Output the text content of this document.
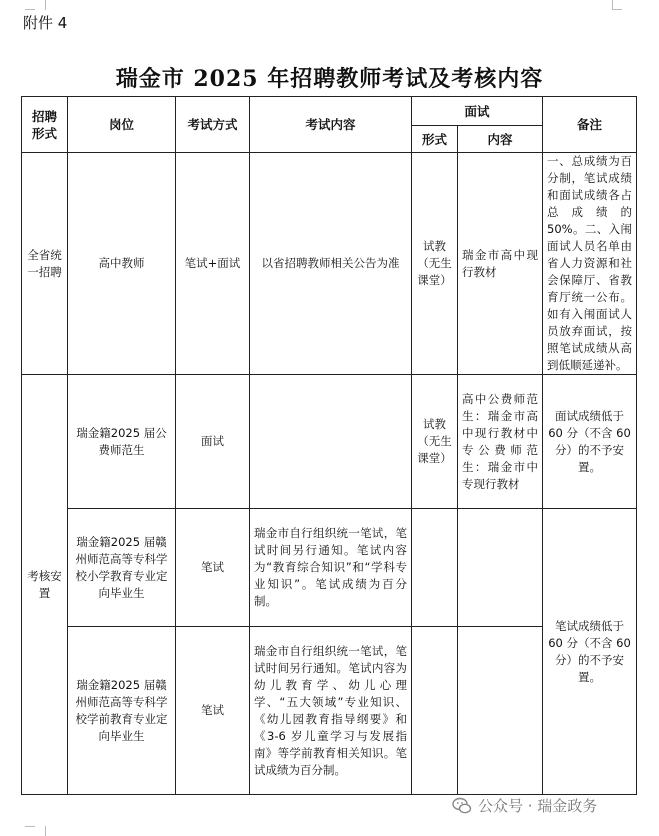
附件 4
瑞金市 2025 年招聘教师考试及考核内容
招聘形式	岗位	考试方式	考试内容	面试		备注
				形式	内容	
全省统一招聘	高中教师	笔试+面试	以省招聘教师相关公告为准	试教（无生课堂）	瑞金市高中现行教材	一、总成绩为百分制，笔试成绩和面试成绩各占总成绩的 50%。二、入闱面试人员名单由省人力资源和社会保障厅、省教育厅统一公布。如有入闱面试人员放弃面试，按照笔试成绩从高到低顺延递补。
考核安置	瑞金籍2025 届公费师范生	面试		试教（无生课堂）	高中公费师范生：瑞金市高中现行教材中专公费师范生：瑞金市中专现行教材	面试成绩低于 60 分（不含 60 分）的不予安置。
	瑞金籍2025 届赣州师范高等专科学校小学教育专业定向毕业生	笔试	瑞金市自行组织统一笔试，笔试时间另行通知。笔试内容为“教育综合知识”和“学科专业知识”。笔试成绩为百分制。			笔试成绩低于 60 分（不含 60 分）的不予安置。
	瑞金籍2025 届赣州师范高等专科学校学前教育专业定向毕业生	笔试	瑞金市自行组织统一笔试，笔试时间另行通知。笔试内容为幼儿教育学、幼儿心理学、“五大领域”专业知识、《幼儿园教育指导纲要》和《3-6 岁儿童学习与发展指南》等学前教育相关知识。笔试成绩为百分制。			
公众号 · 瑞金政务
